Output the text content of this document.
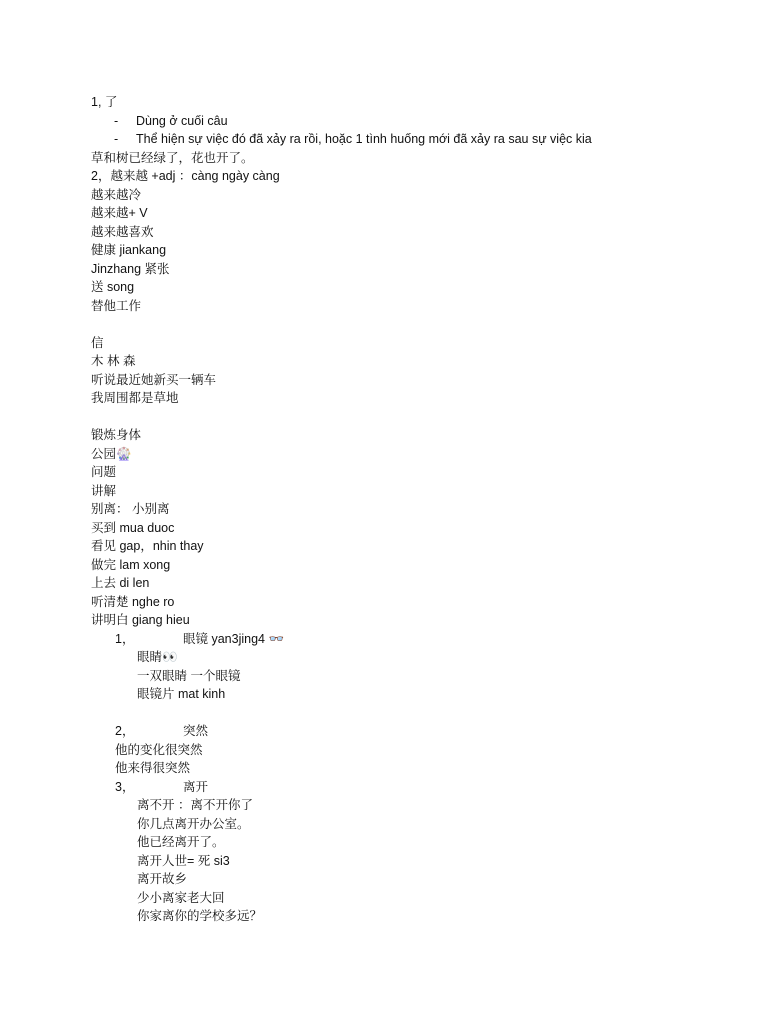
1, 了
- Dùng ở cuối câu
- Thể hiện sự việc đó đã xảy ra rồi, hoặc 1 tình huống mới đã xảy ra sau sự việc kia
草和树已经绿了，花也开了。
2，越来越 +adj ：càng ngày càng
越来越冷
越来越+ V
越来越喜欢
健康 jiankang
Jinzhang 紧张
送 song
替他工作
信
木 林 森
听说最近她新买一辆车
我周围都是草地
锻炼身体
公园🎡
问题
讲解
别离： 小别离
买到 mua duoc
看见 gap，nhin thay
做完 lam xong
上去 di len
听清楚 nghe ro
讲明白 giang hieu
1，	眼镜 yan3jing4 👓
眼睛👀
一双眼睛 一个眼镜
眼镜片 mat kinh
2，	突然
他的变化很突然
他来得很突然
3，	离开
离不开 ：离不开你了
你几点离开办公室。
他已经离开了。
离开人世= 死 si3
离开故乡
少小离家老大回
你家离你的学校多远？
